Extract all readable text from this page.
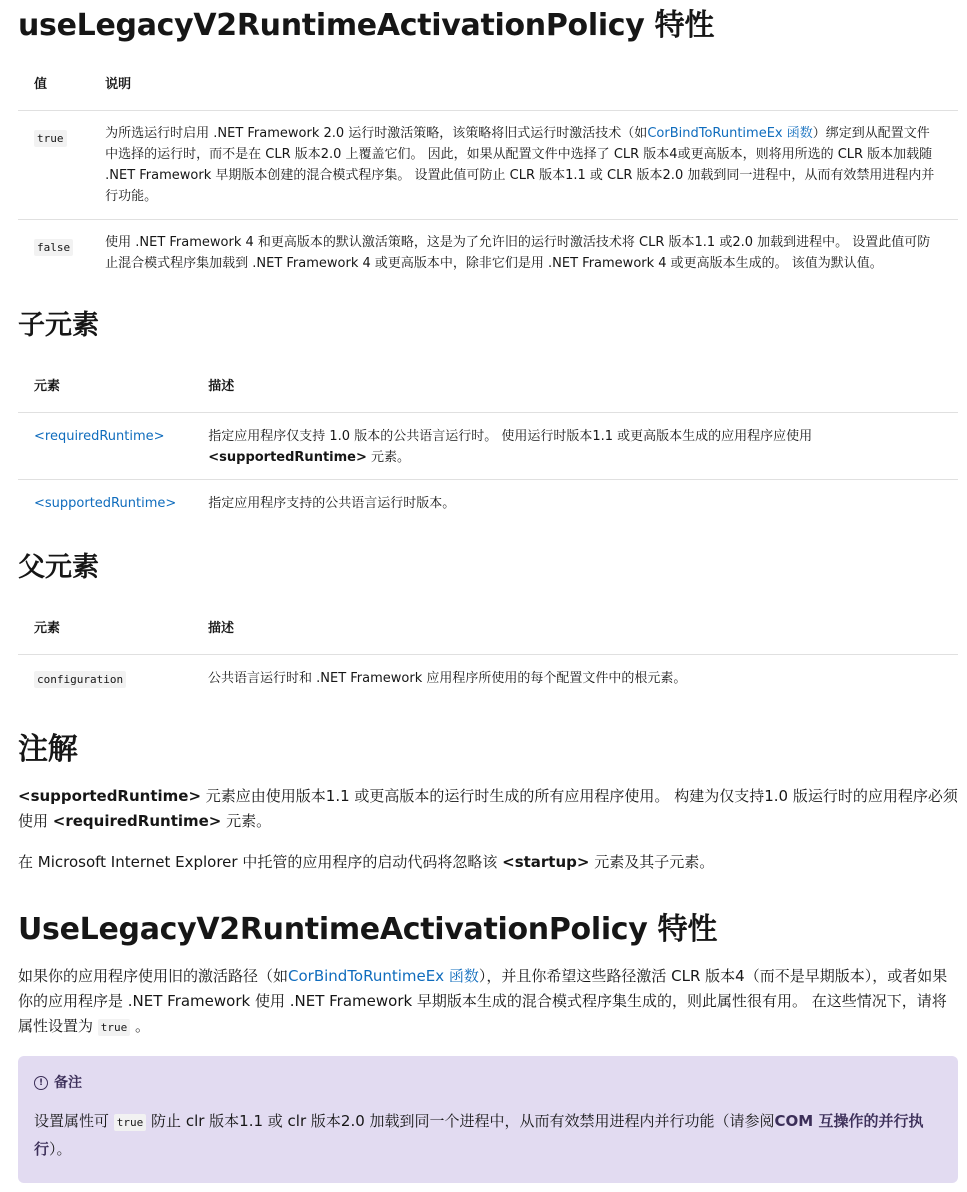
useLegacyV2RuntimeActivationPolicy 特性
值	说明
true	为所选运行时启用 .NET Framework 2.0 运行时激活策略，该策略将旧式运行时激活技术（如CorBindToRuntimeEx 函数）绑定到从配置文件中选择的运行时，而不是在 CLR 版本2.0 上覆盖它们。 因此，如果从配置文件中选择了 CLR 版本4或更高版本，则将用所选的 CLR 版本加载随 .NET Framework 早期版本创建的混合模式程序集。 设置此值可防止 CLR 版本1.1 或 CLR 版本2.0 加载到同一进程中，从而有效禁用进程内并行功能。
false	使用 .NET Framework 4 和更高版本的默认激活策略，这是为了允许旧的运行时激活技术将 CLR 版本1.1 或2.0 加载到进程中。 设置此值可防止混合模式程序集加载到 .NET Framework 4 或更高版本中，除非它们是用 .NET Framework 4 或更高版本生成的。 该值为默认值。
子元素
元素	描述
<requiredRuntime>	指定应用程序仅支持 1.0 版本的公共语言运行时。 使用运行时版本1.1 或更高版本生成的应用程序应使用 <supportedRuntime> 元素。
<supportedRuntime>	指定应用程序支持的公共语言运行时版本。
父元素
元素	描述
configuration	公共语言运行时和 .NET Framework 应用程序所使用的每个配置文件中的根元素。
注解

<supportedRuntime> 元素应由使用版本1.1 或更高版本的运行时生成的所有应用程序使用。 构建为仅支持1.0 版运行时的应用程序必须使用 <requiredRuntime> 元素。

在 Microsoft Internet Explorer 中托管的应用程序的启动代码将忽略该 <startup> 元素及其子元素。

UseLegacyV2RuntimeActivationPolicy 特性

如果你的应用程序使用旧的激活路径（如CorBindToRuntimeEx 函数），并且你希望这些路径激活 CLR 版本4（而不是早期版本），或者如果你的应用程序是 .NET Framework 使用 .NET Framework 早期版本生成的混合模式程序集生成的，则此属性很有用。 在这些情况下，请将属性设置为 true 。

! 备注
设置属性可 true 防止 clr 版本1.1 或 clr 版本2.0 加载到同一个进程中，从而有效禁用进程内并行功能（请参阅COM 互操作的并行执行）。
